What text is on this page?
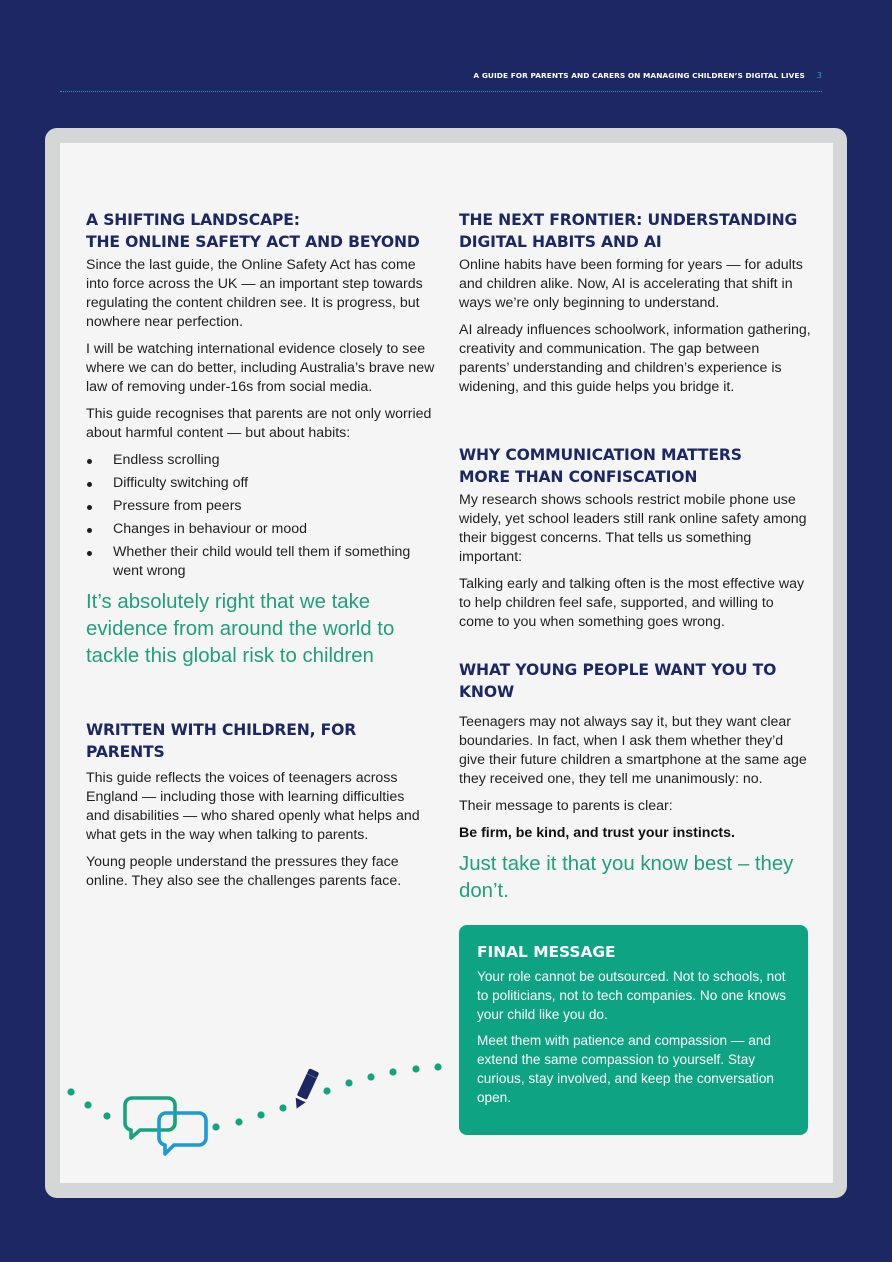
A GUIDE FOR PARENTS AND CARERS ON MANAGING CHILDREN’S DIGITAL LIVES 3
A SHIFTING LANDSCAPE:
THE ONLINE SAFETY ACT AND BEYOND

Since the last guide, the Online Safety Act has come into force across the UK — an important step towards regulating the content children see. It is progress, but nowhere near perfection.

I will be watching international evidence closely to see where we can do better, including Australia’s brave new law of removing under-16s from social media.

This guide recognises that parents are not only worried about harmful content — but about habits:

Endless scrolling
Difficulty switching off
Pressure from peers
Changes in behaviour or mood
Whether their child would tell them if something went wrong

It’s absolutely right that we take evidence from around the world to tackle this global risk to children

WRITTEN WITH CHILDREN, FOR PARENTS

This guide reflects the voices of teenagers across England — including those with learning difficulties and disabilities — who shared openly what helps and what gets in the way when talking to parents.

Young people understand the pressures they face online. They also see the challenges parents face.

THE NEXT FRONTIER: UNDERSTANDING DIGITAL HABITS AND AI

Online habits have been forming for years — for adults and children alike. Now, AI is accelerating that shift in ways we’re only beginning to understand.

AI already influences schoolwork, information gathering, creativity and communication. The gap between parents’ understanding and children’s experience is widening, and this guide helps you bridge it.

WHY COMMUNICATION MATTERS MORE THAN CONFISCATION

My research shows schools restrict mobile phone use widely, yet school leaders still rank online safety among their biggest concerns. That tells us something important:

Talking early and talking often is the most effective way to help children feel safe, supported, and willing to come to you when something goes wrong.

WHAT YOUNG PEOPLE WANT YOU TO KNOW

Teenagers may not always say it, but they want clear boundaries. In fact, when I ask them whether they’d give their future children a smartphone at the same age they received one, they tell me unanimously: no.

Their message to parents is clear:

Be firm, be kind, and trust your instincts.

Just take it that you know best – they don’t.

FINAL MESSAGE

Your role cannot be outsourced. Not to schools, not to politicians, not to tech companies. No one knows your child like you do.

Meet them with patience and compassion — and extend the same compassion to yourself. Stay curious, stay involved, and keep the conversation open.
